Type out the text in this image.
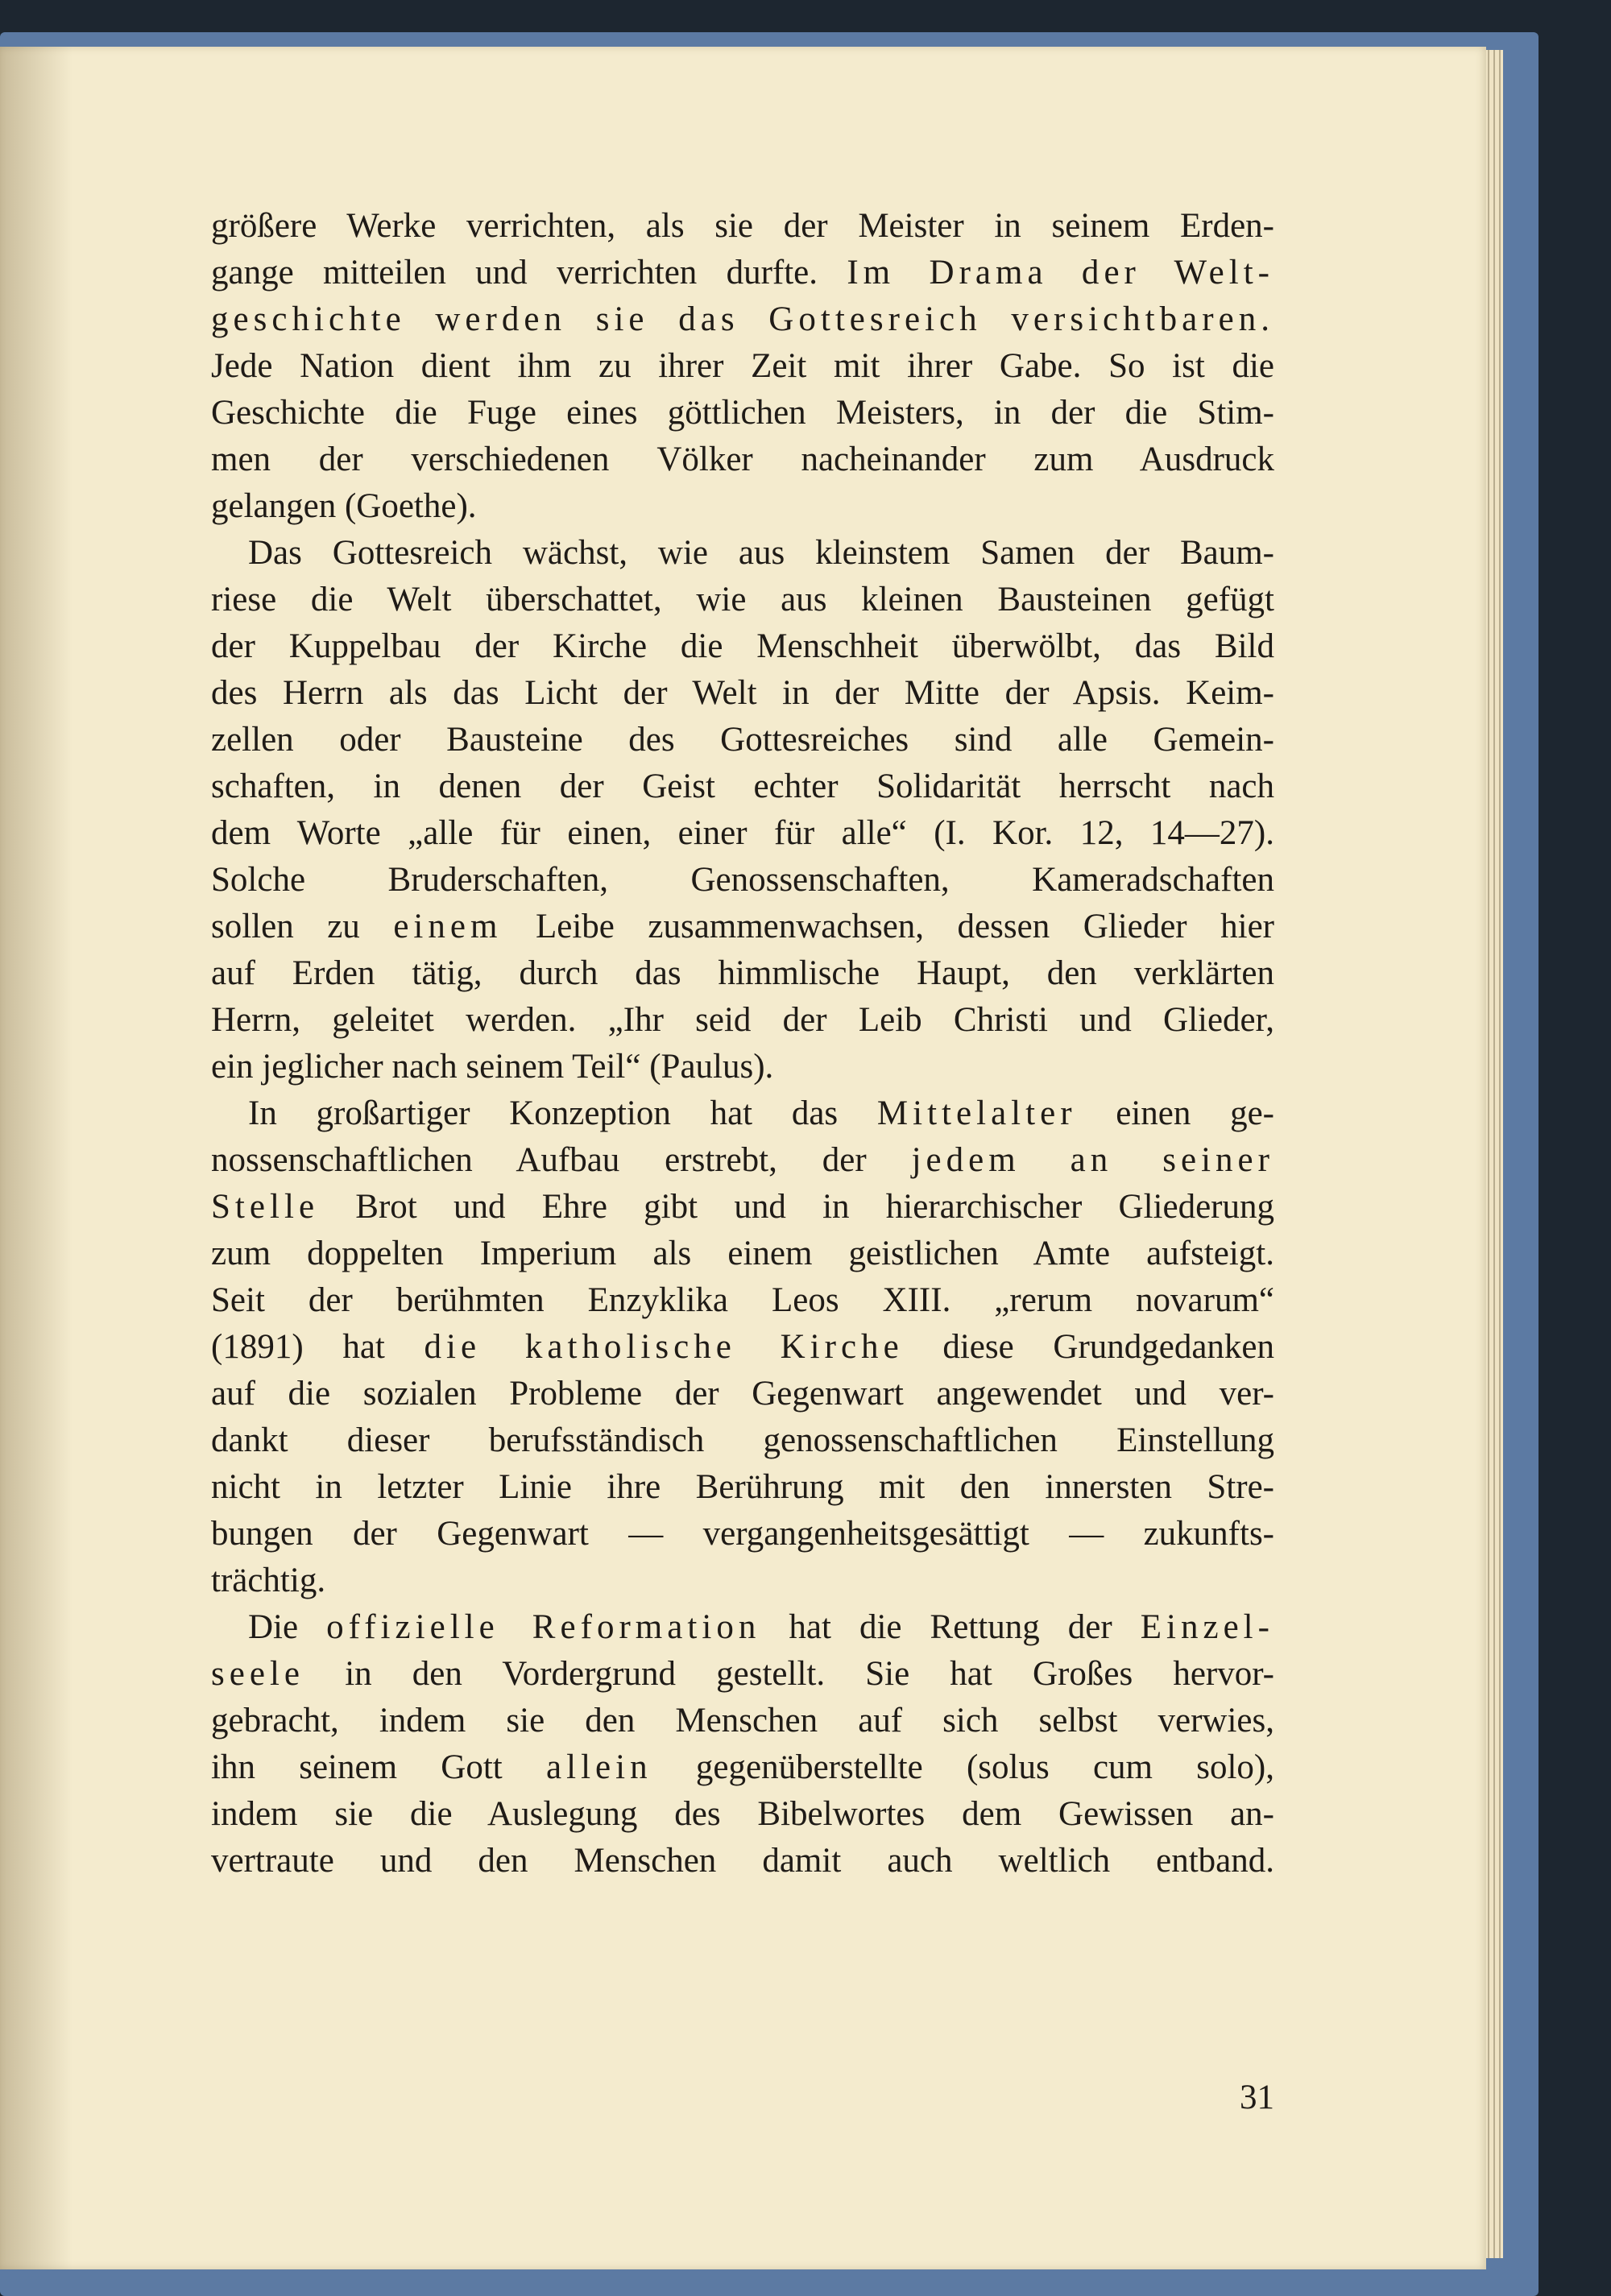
größere Werke verrichten, als sie der Meister in seinem Erden-
gange mitteilen und verrichten durfte. Im Drama der Welt-
geschichte werden sie das Gottesreich versichtbaren.
Jede Nation dient ihm zu ihrer Zeit mit ihrer Gabe. So ist die
Geschichte die Fuge eines göttlichen Meisters, in der die Stim-
men der verschiedenen Völker nacheinander zum Ausdruck
gelangen (Goethe).
Das Gottesreich wächst, wie aus kleinstem Samen der Baum-
riese die Welt überschattet, wie aus kleinen Bausteinen gefügt
der Kuppelbau der Kirche die Menschheit überwölbt, das Bild
des Herrn als das Licht der Welt in der Mitte der Apsis. Keim-
zellen oder Bausteine des Gottesreiches sind alle Gemein-
schaften, in denen der Geist echter Solidarität herrscht nach
dem Worte „alle für einen, einer für alle“ (I. Kor. 12, 14—27).
Solche Bruderschaften, Genossenschaften, Kameradschaften
sollen zu einem Leibe zusammenwachsen, dessen Glieder hier
auf Erden tätig, durch das himmlische Haupt, den verklärten
Herrn, geleitet werden. „Ihr seid der Leib Christi und Glieder,
ein jeglicher nach seinem Teil“ (Paulus).
In großartiger Konzeption hat das Mittelalter einen ge-
nossenschaftlichen Aufbau erstrebt, der jedem an seiner
Stelle Brot und Ehre gibt und in hierarchischer Gliederung
zum doppelten Imperium als einem geistlichen Amte aufsteigt.
Seit der berühmten Enzyklika Leos XIII. „rerum novarum“
(1891) hat die katholische Kirche diese Grundgedanken
auf die sozialen Probleme der Gegenwart angewendet und ver-
dankt dieser berufsständisch genossenschaftlichen Einstellung
nicht in letzter Linie ihre Berührung mit den innersten Stre-
bungen der Gegenwart — vergangenheitsgesättigt — zukunfts-
trächtig.
Die offizielle Reformation hat die Rettung der Einzel-
seele in den Vordergrund gestellt. Sie hat Großes hervor-
gebracht, indem sie den Menschen auf sich selbst verwies,
ihn seinem Gott allein gegenüberstellte (solus cum solo),
indem sie die Auslegung des Bibelwortes dem Gewissen an-
vertraute und den Menschen damit auch weltlich entband.
31
